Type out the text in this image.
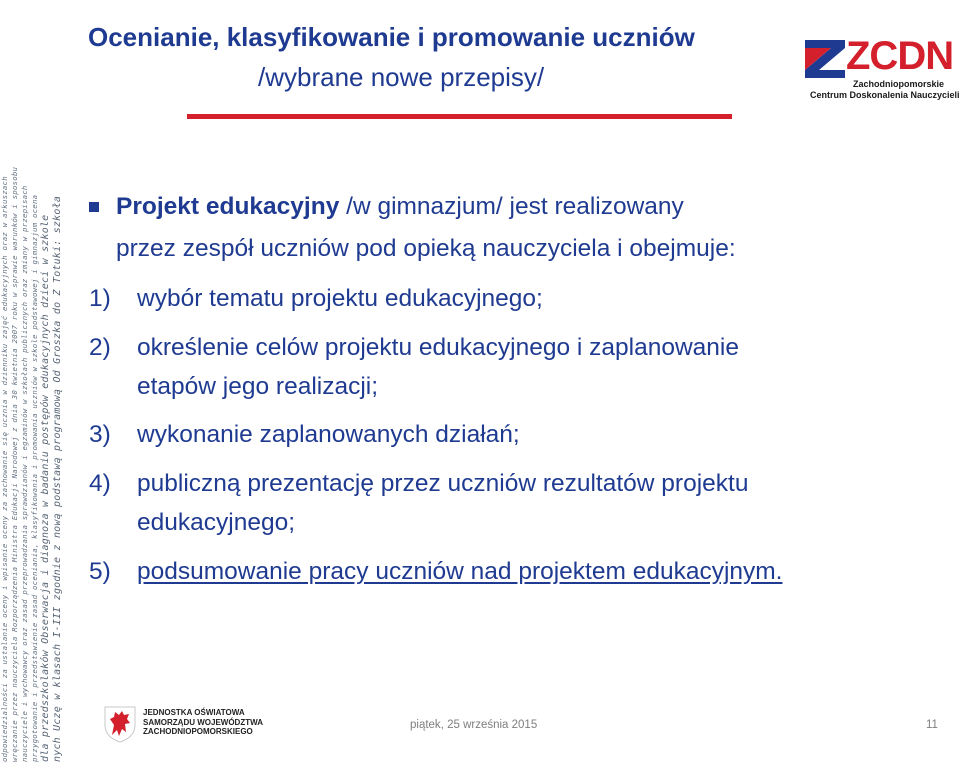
odpowiedzialności za ustalanie oceny i wpisanie oceny za zachowanie się ucznia w dzienniku zajęć edukacyjnych oraz w arkuszach wręczanie przez nauczyciela Rozporządzenia Ministra Edukacji Narodowej z dnia 30 kwietnia 2007 roku w sprawie warunków i sposobu nauczyciele i wychowawcy oraz zasad przeprowadzania sprawdzianów i egzaminów w szkołach publicznych oraz zmiany w przepisach przygotowanie i przedstawienie zasad oceniania, klasyfikowania i promowania uczniów w szkole podstawowej i gimnazjum ocena dla przedszkolaków Obserwacja i diagnoza w badaniu postępów edukacyjnych dzieci w szkole nych Uczę w klasach I-III zgodnie z nową podstawą programową Od Groszka do Z Totuki: szkoła
Ocenianie, klasyfikowanie i promowanie uczniów
/wybrane nowe przepisy/	ZCDN
Zachodniopomorskie
Centrum Doskonalenia Nauczycieli
Projekt edukacyjny /w gimnazjum/ jest realizowany
przez zespół uczniów pod opieką nauczyciela i obejmuje:
1) wybór tematu projektu edukacyjnego;
2) określenie celów projektu edukacyjnego i zaplanowanie
etapów jego realizacji;
3) wykonanie zaplanowanych działań;
4) publiczną prezentację przez uczniów rezultatów projektu
edukacyjnego;
5) podsumowanie pracy uczniów nad projektem edukacyjnym.
JEDNOSTKA OŚWIATOWA
SAMORZĄDU WOJEWÓDZTWA
ZACHODNIOPOMORSKIEGO
piątek, 25 września 2015	11
